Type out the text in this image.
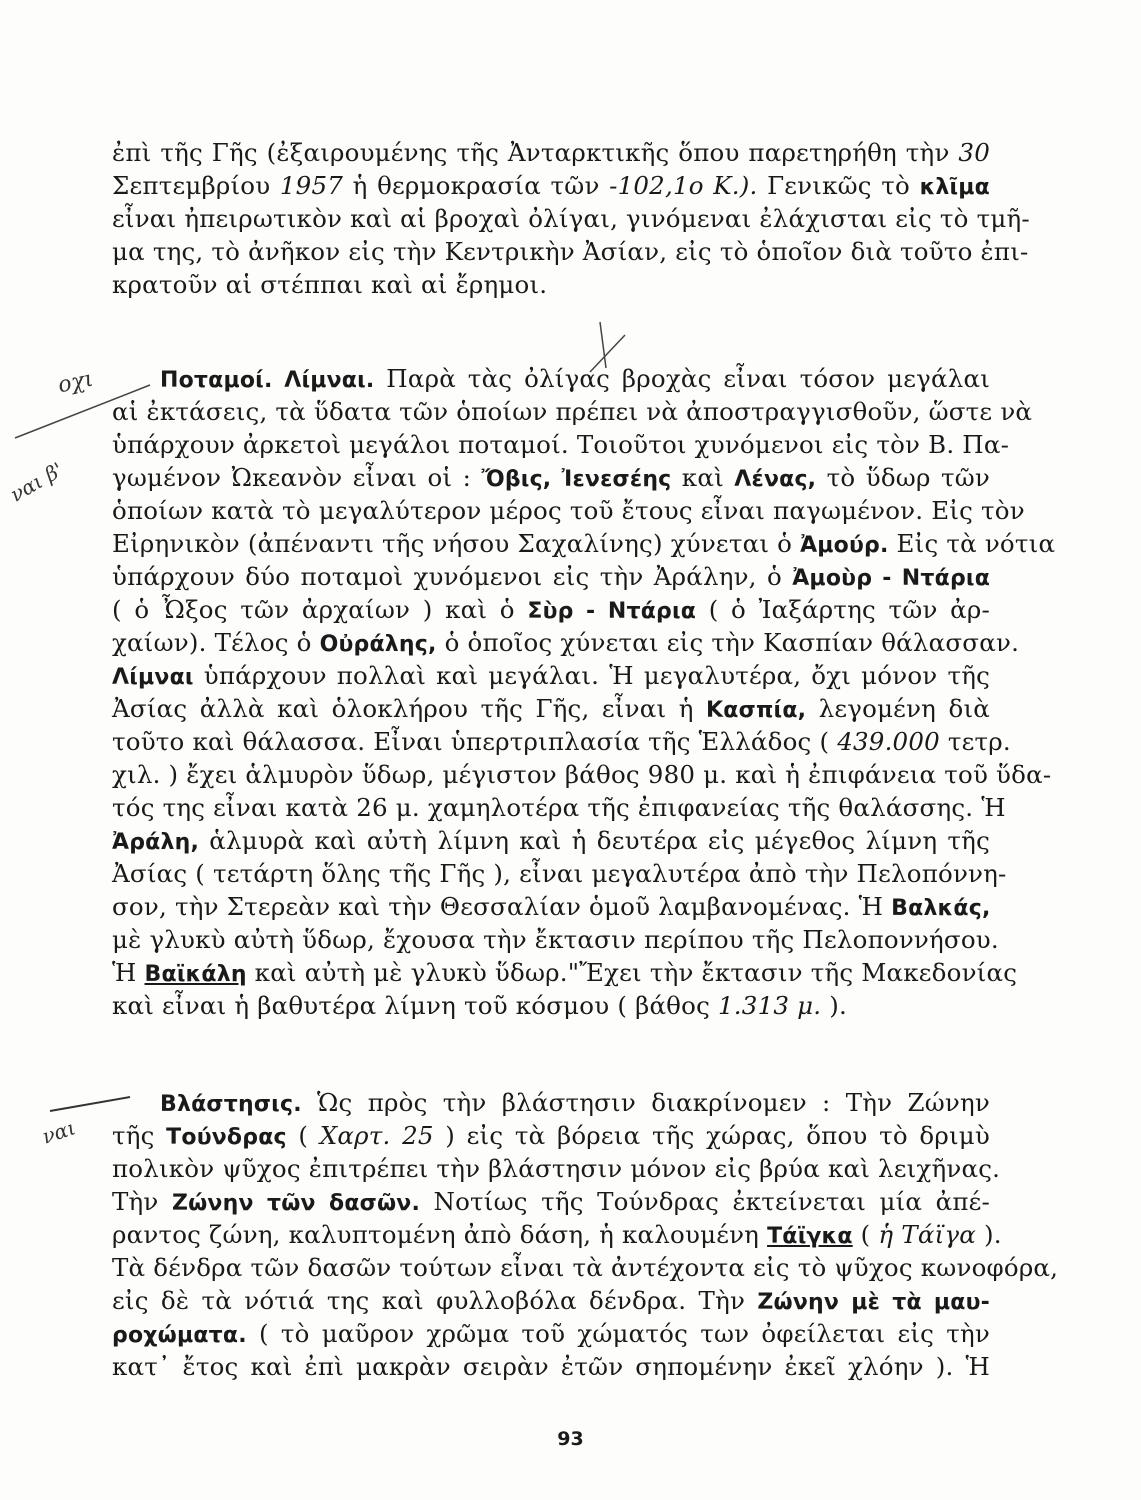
οχι
ναι β'
ναι
ἐπὶ τῆς Γῆς (ἐξαιρουμένης τῆς Ἀνταρκτικῆς ὅπου παρετηρήθη τὴν 30
Σεπτεμβρίου 1957 ἡ θερμοκρασία τῶν -102,1ο Κ.). Γενικῶς τὸ κλῖμα
εἶναι ἠπειρωτικὸν καὶ αἱ βροχαὶ ὀλίγαι, γινόμεναι ἐλάχισται εἰς τὸ τμῆ-
μα της, τὸ ἀνῆκον εἰς τὴν Κεντρικὴν Ἀσίαν, εἰς τὸ ὁποῖον διὰ τοῦτο ἐπι-
κρατοῦν αἱ στέππαι καὶ αἱ ἔρημοι.
Ποταμοί. Λίμναι. Παρὰ τὰς ὀλίγας βροχὰς εἶναι τόσον μεγάλαι
αἱ ἐκτάσεις, τὰ ὕδατα τῶν ὁποίων πρέπει νὰ ἀποστραγγισθοῦν, ὥστε νὰ
ὑπάρχουν ἀρκετοὶ μεγάλοι ποταμοί. Τοιοῦτοι χυνόμενοι εἰς τὸν Β. Πα-
γωμένον Ὠκεανὸν εἶναι οἱ : Ὄβις, Ἰενεσέης καὶ Λένας, τὸ ὕδωρ τῶν
ὁποίων κατὰ τὸ μεγαλύτερον μέρος τοῦ ἔτους εἶναι παγωμένον. Εἰς τὸν
Εἰρηνικὸν (ἀπέναντι τῆς νήσου Σαχαλίνης) χύνεται ὁ Ἀμούρ. Εἰς τὰ νότια
ὑπάρχουν δύο ποταμοὶ χυνόμενοι εἰς τὴν Ἀράλην, ὁ Ἀμοὺρ - Ντάρια
( ὁ Ὦξος τῶν ἀρχαίων ) καὶ ὁ Σὺρ - Ντάρια ( ὁ Ἰαξάρτης τῶν ἀρ-
χαίων). Τέλος ὁ Οὐράλης, ὁ ὁποῖος χύνεται εἰς τὴν Κασπίαν θάλασσαν.
Λίμναι ὑπάρχουν πολλαὶ καὶ μεγάλαι. Ἡ μεγαλυτέρα, ὄχι μόνον τῆς
Ἀσίας ἀλλὰ καὶ ὁλοκλήρου τῆς Γῆς, εἶναι ἡ Κασπία, λεγομένη διὰ
τοῦτο καὶ θάλασσα. Εἶναι ὑπερτριπλασία τῆς Ἑλλάδος ( 439.000 τετρ.
χιλ. ) ἔχει ἁλμυρὸν ὕδωρ, μέγιστον βάθος 980 μ. καὶ ἡ ἐπιφάνεια τοῦ ὕδα-
τός της εἶναι κατὰ 26 μ. χαμηλοτέρα τῆς ἐπιφανείας τῆς θαλάσσης. Ἡ
Ἀράλη, ἁλμυρὰ καὶ αὐτὴ λίμνη καὶ ἡ δευτέρα εἰς μέγεθος λίμνη τῆς
Ἀσίας ( τετάρτη ὅλης τῆς Γῆς ), εἶναι μεγαλυτέρα ἀπὸ τὴν Πελοπόννη-
σον, τὴν Στερεὰν καὶ τὴν Θεσσαλίαν ὁμοῦ λαμβανομένας. Ἡ Βαλκάς,
μὲ γλυκὺ αὐτὴ ὕδωρ, ἔχουσα τὴν ἔκτασιν περίπου τῆς Πελοποννήσου.
Ἡ Βαϊκάλη καὶ αὐτὴ μὲ γλυκὺ ὕδωρ."Ἔχει τὴν ἔκτασιν τῆς Μακεδονίας
καὶ εἶναι ἡ βαθυτέρα λίμνη τοῦ κόσμου ( βάθος 1.313 μ. ).
Βλάστησις. Ὡς πρὸς τὴν βλάστησιν διακρίνομεν : Τὴν Ζώνην
τῆς Τούνδρας ( Χαρτ. 25 ) εἰς τὰ βόρεια τῆς χώρας, ὅπου τὸ δριμὺ
πολικὸν ψῦχος ἐπιτρέπει τὴν βλάστησιν μόνον εἰς βρύα καὶ λειχῆνας.
Τὴν Ζώνην τῶν δασῶν. Νοτίως τῆς Τούνδρας ἐκτείνεται μία ἀπέ-
ραντος ζώνη, καλυπτομένη ἀπὸ δάση, ἡ καλουμένη Τάϊγκα ( ἡ Τάϊγα ).
Τὰ δένδρα τῶν δασῶν τούτων εἶναι τὰ ἀντέχοντα εἰς τὸ ψῦχος κωνοφόρα,
εἰς δὲ τὰ νότιά της καὶ φυλλοβόλα δένδρα. Τὴν Ζώνην μὲ τὰ μαυ-
ροχώματα. ( τὸ μαῦρον χρῶμα τοῦ χώματός των ὀφείλεται εἰς τὴν
κατ᾽ ἔτος καὶ ἐπὶ μακρὰν σειρὰν ἐτῶν σηπομένην ἐκεῖ χλόην ). Ἡ
93
